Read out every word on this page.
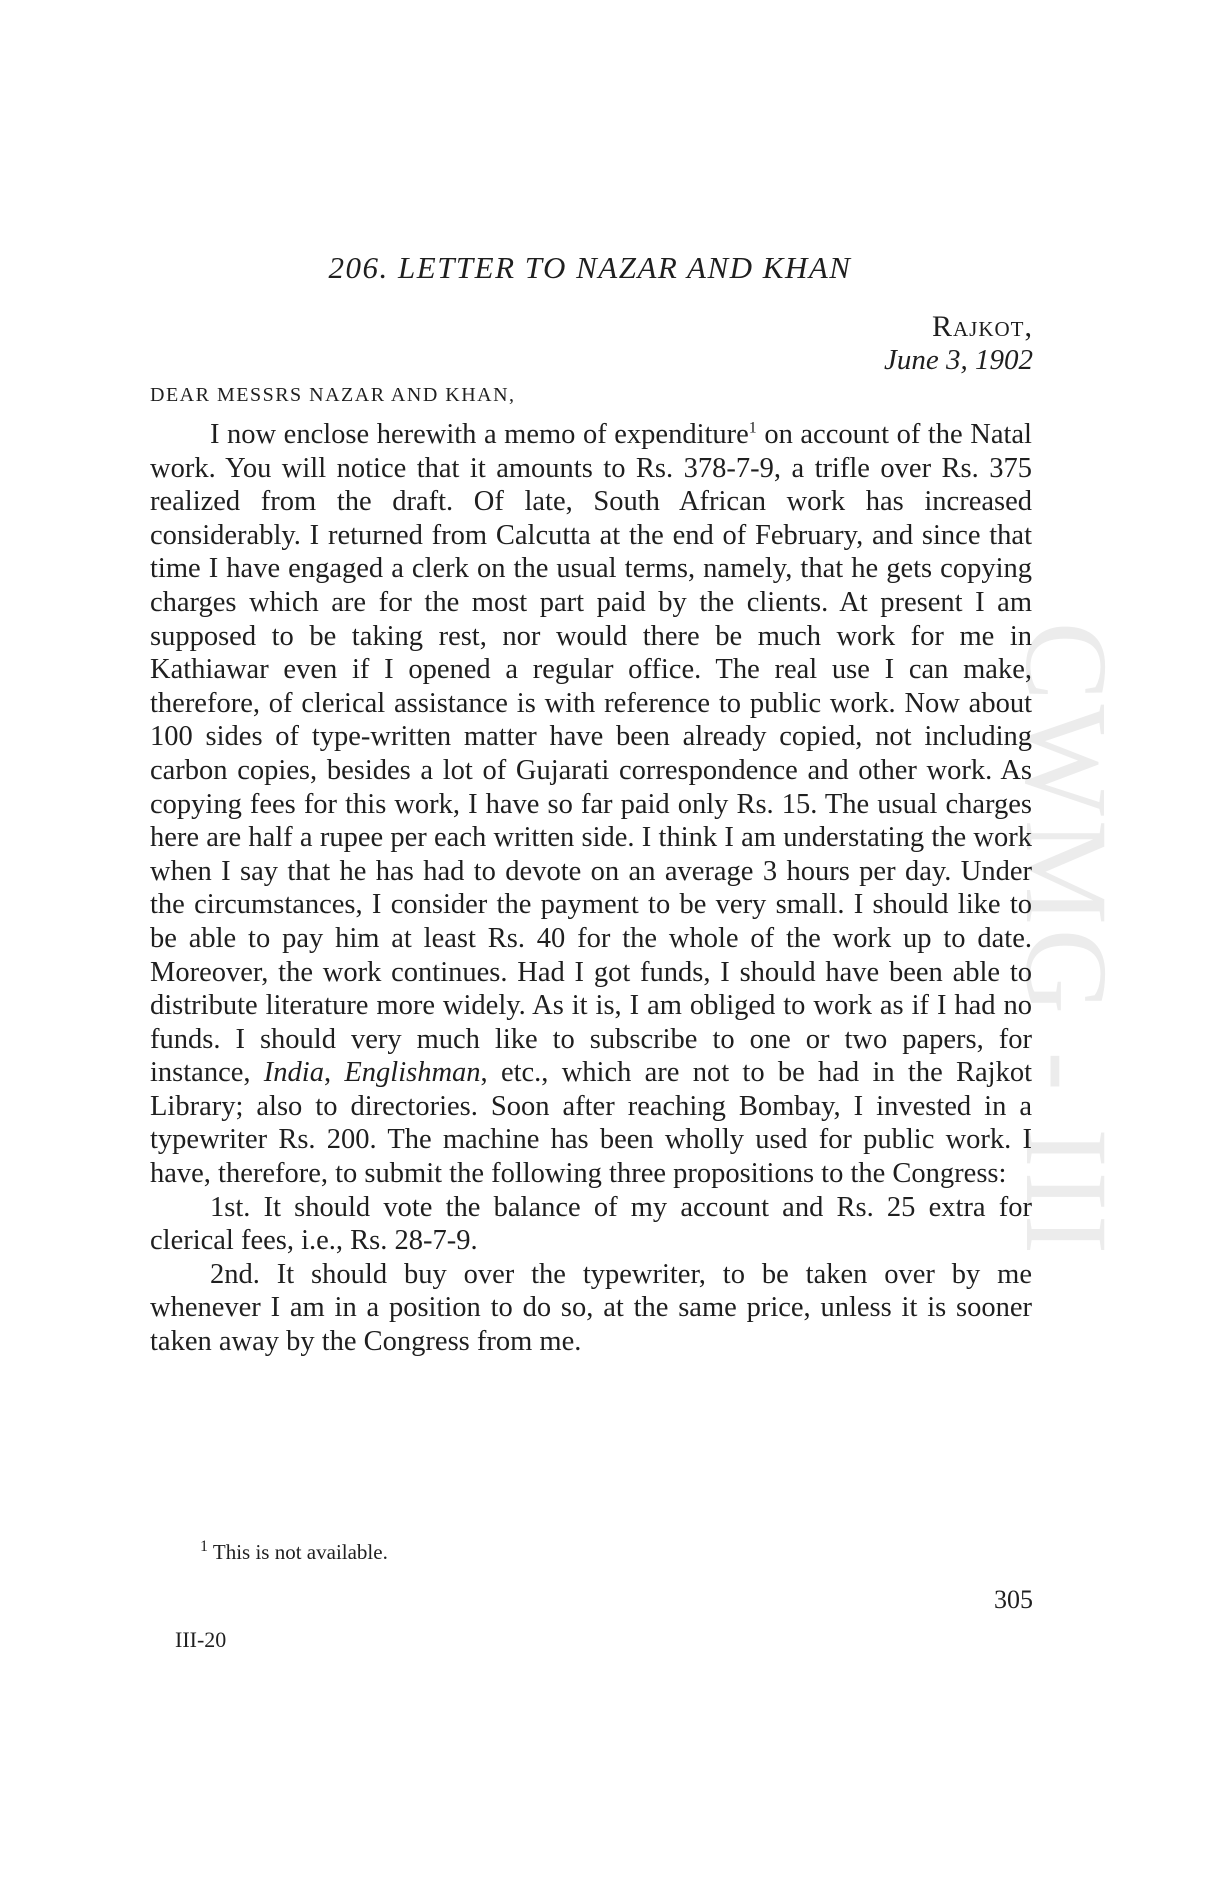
CWMG - III
206. LETTER TO NAZAR AND KHAN
Rajkot,
June 3, 1902
DEAR MESSRS NAZAR AND KHAN,

I now enclose herewith a memo of expenditure$^1$ on account of the Natal work. You will notice that it amounts to Rs. 378-7-9, a trifle over Rs. 375 realized from the draft. Of late, South African work has increased considerably. I returned from Calcutta at the end of February, and since that time I have engaged a clerk on the usual terms, namely, that he gets copying charges which are for the most part paid by the clients. At present I am supposed to be taking rest, nor would there be much work for me in Kathiawar even if I opened a regular office. The real use I can make, therefore, of clerical assistance is with reference to public work. Now about 100 sides of type-written matter have been already copied, not including carbon copies, besides a lot of Gujarati correspondence and other work. As copying fees for this work, I have so far paid only Rs. 15. The usual charges here are half a rupee per each written side. I think I am understating the work when I say that he has had to devote on an average 3 hours per day. Under the circumstances, I consider the payment to be very small. I should like to be able to pay him at least Rs. 40 for the whole of the work up to date. Moreover, the work continues. Had I got funds, I should have been able to distribute literature more widely. As it is, I am obliged to work as if I had no funds. I should very much like to subscribe to one or two papers, for instance, India, Englishman, etc., which are not to be had in the Rajkot Library; also to directories. Soon after reaching Bombay, I invested in a typewriter Rs. 200. The machine has been wholly used for public work. I have, therefore, to submit the following three propositions to the Congress:

1st. It should vote the balance of my account and Rs. 25 extra for clerical fees, i.e., Rs. 28-7-9.

2nd. It should buy over the typewriter, to be taken over by me whenever I am in a position to do so, at the same price, unless it is sooner taken away by the Congress from me.

$^1$ This is not available.
305
III-20
